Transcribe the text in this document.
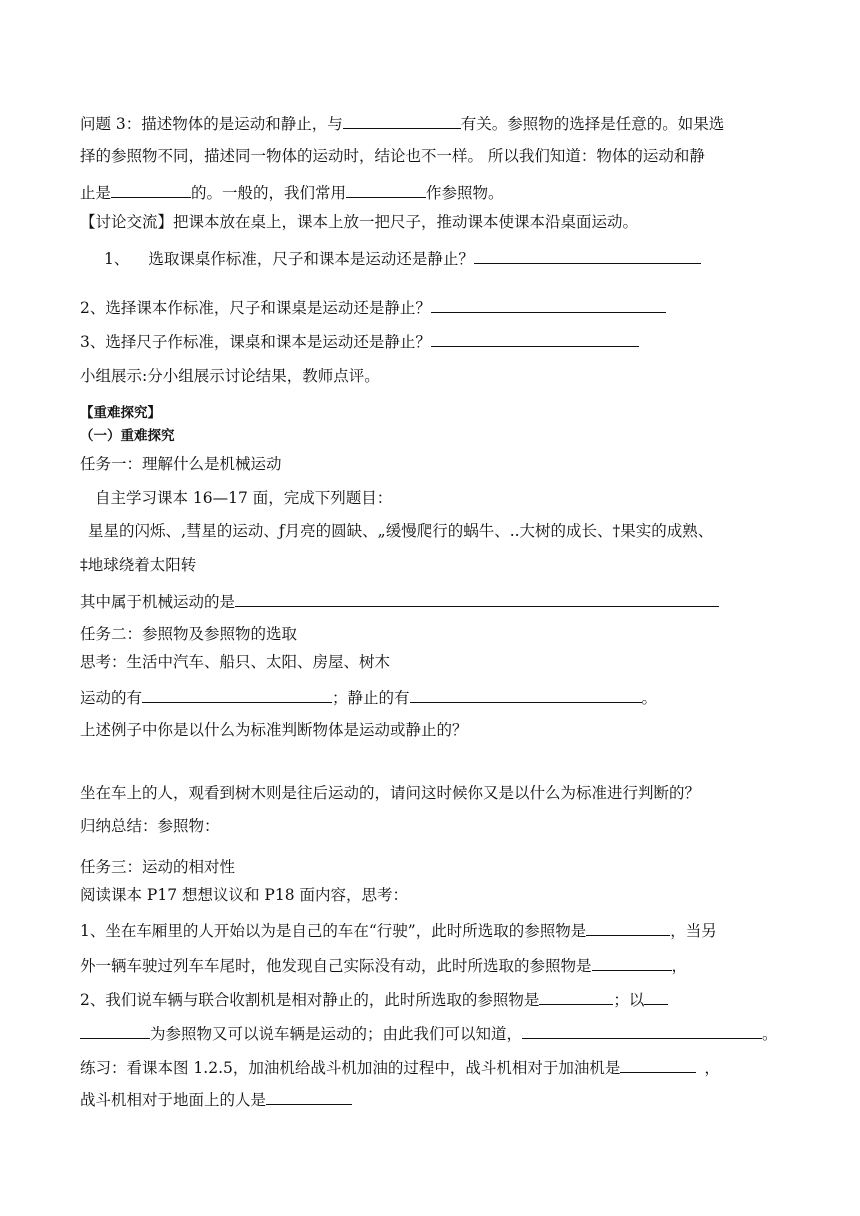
问题 3：描述物体的是运动和静止，与	有关。参照物的选择是任意的。如果选
择的参照物不同，描述同一物体的运动时，结论也不一样。 所以我们知道：物体的运动和静
止是	的。一般的，我们常用	作参照物。
【讨论交流】把课本放在桌上，课本上放一把尺子，推动课本使课本沿桌面运动。
1、 选取课桌作标准，尺子和课本是运动还是静止？
2、选择课本作标准，尺子和课桌是运动还是静止？
3、选择尺子作标准，课桌和课本是运动还是静止？
小组展示:分小组展示讨论结果，教师点评。
【重难探究】
（一）重难探究
任务一：理解什么是机械运动
自主学习课本 16—17 面，完成下列题目：
星星的闪烁、‚彗星的运动、ƒ月亮的圆缺、„缓慢爬行的蜗牛、..大树的成长、†果实的成熟、
‡地球绕着太阳转
其中属于机械运动的是
任务二：参照物及参照物的选取
思考：生活中汽车、船只、太阳、房屋、树木
运动的有	；静止的有	。
上述例子中你是以什么为标准判断物体是运动或静止的？
坐在车上的人，观看到树木则是往后运动的，请问这时候你又是以什么为标准进行判断的？
归纳总结：参照物：
任务三：运动的相对性
阅读课本 P17 想想议议和 P18 面内容，思考：
1、坐在车厢里的人开始以为是自己的车在“行驶”，此时所选取的参照物是	，当另
外一辆车驶过列车车尾时，他发现自己实际没有动，此时所选取的参照物是	，
2、我们说车辆与联合收割机是相对静止的，此时所选取的参照物是	；以
为参照物又可以说车辆是运动的；由此我们可以知道，	。
练习：看课本图 1.2.5，加油机给战斗机加油的过程中，战斗机相对于加油机是	，
战斗机相对于地面上的人是
